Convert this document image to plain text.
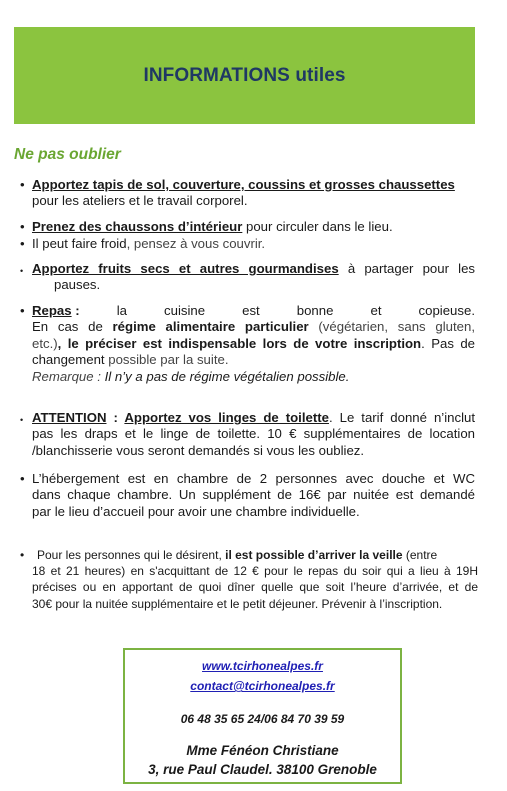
INFORMATIONS utiles
Ne pas oublier
• Apportez tapis de sol, couverture, coussins et grosses chaussettes
pour les ateliers et le travail corporel.
• Prenez des chaussons d’intérieur pour circuler dans le lieu.
• Il peut faire froid, pensez à vous couvrir.
• Apportez fruits secs et autres gourmandises à partager pour les
pauses.
• Repas :	la	cuisine	est	bonne	et	copieuse.
En cas de régime alimentaire particulier (végétarien, sans gluten,
etc.), le préciser est indispensable lors de votre inscription. Pas de
changement possible par la suite.
Remarque : Il n’y a pas de régime végétalien possible.
• ATTENTION : Apportez vos linges de toilette. Le tarif donné n’inclut
pas les draps et le linge de toilette. 10 € supplémentaires de location
/blanchisserie vous seront demandés si vous les oubliez.
• L’hébergement est en chambre de 2 personnes avec douche et WC
dans chaque chambre. Un supplément de 16€ par nuitée est demandé
par le lieu d’accueil pour avoir une chambre individuelle.
• Pour les personnes qui le désirent, il est possible d’arriver la veille (entre
18 et 21 heures) en s'acquittant de 12 € pour le repas du soir qui a lieu à 19H
précises ou en apportant de quoi dîner quelle que soit l’heure d’arrivée, et de
30€ pour la nuitée supplémentaire et le petit déjeuner. Prévenir à l’inscription.
www.tcirhonealpes.fr
contact@tcirhonealpes.fr
06 48 35 65 24/06 84 70 39 59
Mme Fénéon Christiane
3, rue Paul Claudel. 38100 Grenoble
